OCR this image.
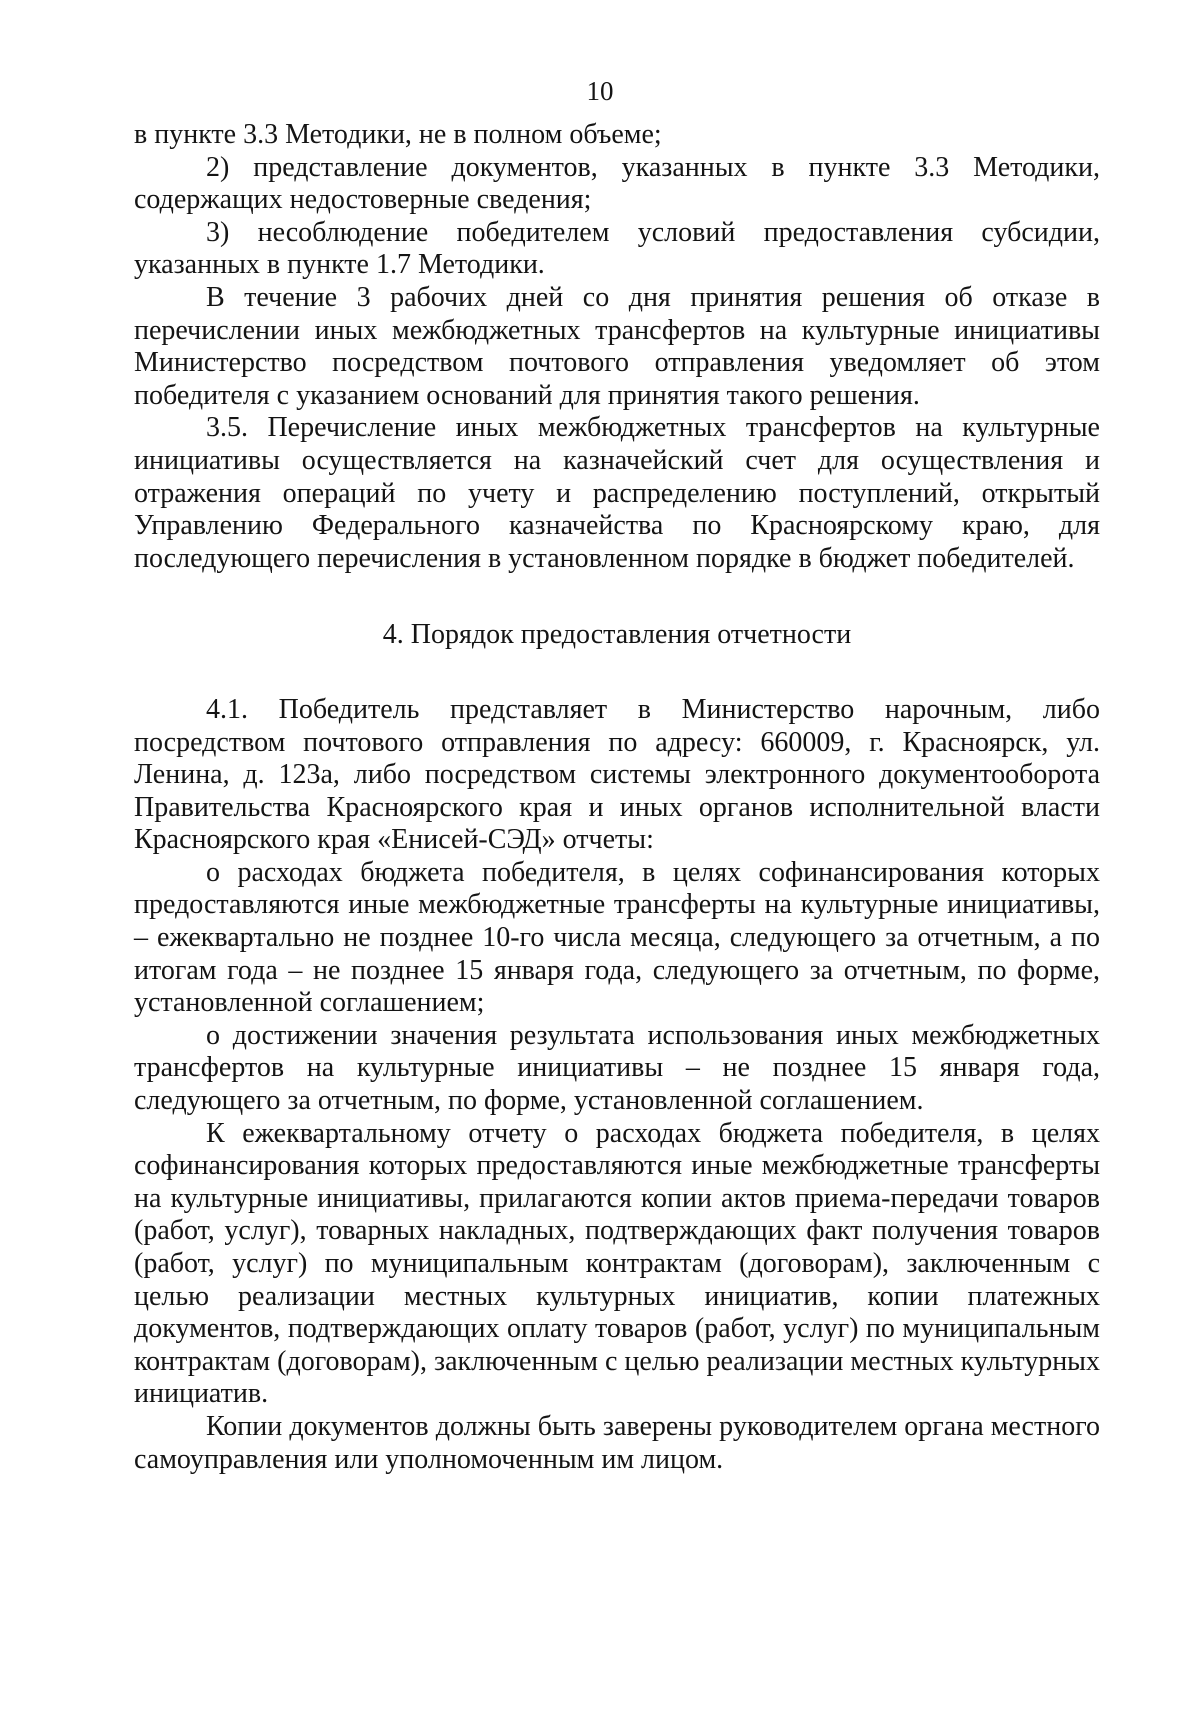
10

в пункте 3.3 Методики, не в полном объеме;

2) представление документов, указанных в пункте 3.3 Методики, содержащих недостоверные сведения;

3) несоблюдение победителем условий предоставления субсидии, указанных в пункте 1.7 Методики.

В течение 3 рабочих дней со дня принятия решения об отказе в перечислении иных межбюджетных трансфертов на культурные инициативы Министерство посредством почтового отправления уведомляет об этом победителя с указанием оснований для принятия такого решения.

3.5. Перечисление иных межбюджетных трансфертов на культурные инициативы осуществляется на казначейский счет для осуществления и отражения операций по учету и распределению поступлений, открытый Управлению Федерального казначейства по Красноярскому краю, для последующего перечисления в установленном порядке в бюджет победителей.

4. Порядок предоставления отчетности

4.1. Победитель представляет в Министерство нарочным, либо посредством почтового отправления по адресу: 660009, г. Красноярск, ул. Ленина, д. 123а, либо посредством системы электронного документооборота Правительства Красноярского края и иных органов исполнительной власти Красноярского края «Енисей-СЭД» отчеты:

о расходах бюджета победителя, в целях софинансирования которых предоставляются иные межбюджетные трансферты на культурные инициативы, – ежеквартально не позднее 10-го числа месяца, следующего за отчетным, а по итогам года – не позднее 15 января года, следующего за отчетным, по форме, установленной соглашением;

о достижении значения результата использования иных межбюджетных трансфертов на культурные инициативы – не позднее 15 января года, следующего за отчетным, по форме, установленной соглашением.

К ежеквартальному отчету о расходах бюджета победителя, в целях софинансирования которых предоставляются иные межбюджетные трансферты на культурные инициативы, прилагаются копии актов приема-передачи товаров (работ, услуг), товарных накладных, подтверждающих факт получения товаров (работ, услуг) по муниципальным контрактам (договорам), заключенным с целью реализации местных культурных инициатив, копии платежных документов, подтверждающих оплату товаров (работ, услуг) по муниципальным контрактам (договорам), заключенным с целью реализации местных культурных инициатив.

Копии документов должны быть заверены руководителем органа местного самоуправления или уполномоченным им лицом.
